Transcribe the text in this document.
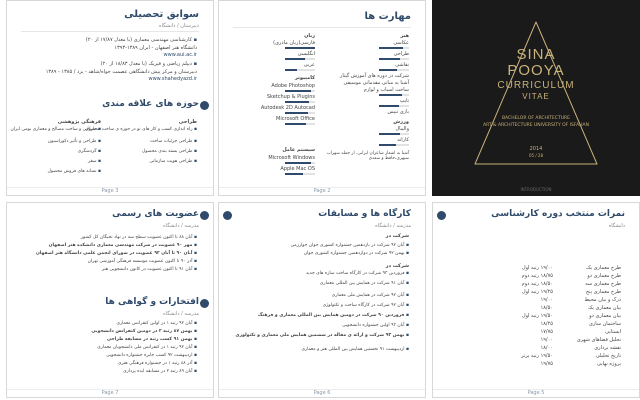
سوابق تحصیلی
دبیرستان / دانشگاه
▪ کارشناسی مهندسی معماری (با معدل ۱۷/۸۷ از ۲۰)
دانشگاه هنر اصفهان - ایران ۱۳۸۹-۱۳۹۳
www.aui.ac.ir
▪ دیپلم ریاضی و فیزیک (با معدل ۱۸/۸۳ از ۲۰)
دبیرستان و مرکز پیش دانشگاهی عصمت خواه/شاهد - یزد / ۱۳۸۵ - ۱۳۸۹
www.shahedyazd.ir
حوزه های علاقه مندی
طراحی
فرهنگی پژوهشی
▪ راه اندازی کسب و کار های نو در حوزه ی ساخت محصول
▪ طراحی جزئیات ساخت
▪ طراحی بسته بندی محصول
▪ طراحی هویت سازمانی
▪ طراحی و ساخت مصالح و معماری بومی ایران
▪ طراحی و تأثیر دکوراسیون
▪ گردشگری
▪ سفر
▪ نشانه های فروش محصول
Page 3
مهارت ها
هنر
عکاسی
طراحی
نقاشی
شرکت در دوره های آموزش گیتار
آشنا به مبانی مقدماتی موسیقی
ساخت اسباب و لوازم
تایپ
بازی تنیس
ورزش
والیبال
کاراته
آشنا به اشعار شاعران ایرانی، از جمله سهراب سپهری،حافظ و سعدی
زبان
فارسی(زبان مادری)
انگلیسی
عربی
کامپیوتر
Adobe Photoshop
Sketchup & Plugins
Autodesk 2D Autocad
Microsoft Office
سیستم عامل
Microsoft Windows
Apple Mac OS
Page 2
SINA
POOYA
CURRICULUM
VITAE
BACHELOR OF ARCHITECTURE
ART & ARCHITECTURE UNIVERSITY OF ISFAHAN
2014
05 / 28
INTRODUCTION
عضویت های رسمی
مدرسه / دانشگاه
▪ آبان ۸۸ تا اکنون عضویت سطح سه در نهاد نخبگان کل کشور
▪ مهر ۹۰ عضویت در شرکت مهندسی معماری دانشکده هنر اصفهان
▪ آبان ۹۰ تا آبان ۹۲ عضویت در شورای انجمن علمی دانشگاه هنر اصفهان
▪ آذر ۹۰ تا اکنون عضویت موسسه فرهنگی آموزشی تهران
▪ آبان ۹۱ تا اکنون عضویت در کانون دانشجویی هنر
افتخارات و گواهی ها
مدرسه / دانشگاه
▪ آبان ۹۲ رتبه ۱ در اولین کنفرانس معماری
▪ بهمن ۸۷ رتبه ۲ در دومین کنفرانس دانشجویی
▪ بهمن ۹۱ کسب رتبه در مسابقه طراحی
▪ آبان ۹۲ رتبه ۱ در کنفرانس ملی دانشجویان معماری
▪ اردیبهشت ۹۲ کسب جایزه جشنواره دانشجویی
▪ آذر ۸۸ رتبه ۱ در جشنواره فرهنگی هنری
▪ آبان ۸۹ رتبه ۲ در مسابقه ایده پردازی
Page 7
کارگاه ها و مسابقات
مدرسه / دانشگاه
شرکت در
▪ آبان ۹۲ شرکت در بازدهمین جشنواره کشوری جوان خوارزمی
▪ بهمن ۹۲ شرکت در دوازدهمین جشنواره کشوری جوان
شرکت در
▪ فروردین ۹۳ شرکت در کارگاه ساخت سازه های جدید
▪ آبان ۹۱ شرکت در همایش بین المللی معماری
▪ آبان ۹۲ شرکت در همایش ملی معماری
▪ آبان ۹۲ شرکت در کارگاه ساخت و تکنولوژی
▪ فروردین ۹۰ شرکت در دومین همایش بین المللی معماری و فرهنگ
▪ آبان ۹۳ اولین جشنواره دانشجویی
▪ بهمن ۹۳ شرکت و ارائه ی مقاله در ششمین همایش ملی معماری و تکنولوژی
▪ اردیبهشت ۹۱ نخستین همایش بین المللی هنر و معماری
Page 6
نمرات منتخب دوره کارشناسی
دانشگاه
طرح معماری یک
۱۹/۰۰ رتبه اول
طرح معماری دو
۱۸/۷۵ رتبه دوم
طرح معماری سه
۱۸/۵۰ رتبه دوم
طرح معماری پنج
۱۹/۲۵ رتبه اول
درک و بیان محیط
۱۹/۰۰
بیان معماری یک
۱۸/۵۰
بیان معماری دو
۱۹/۵۰ رتبه اول
ساختمان سازی
۱۸/۲۵
ایستایی
۱۷/۷۵
تحلیل فضاهای شهری
۱۹/۰۰
نقشه برداری
۱۸/۰۰
تاریخ تحلیلی
۱۹/۵۰ رتبه برتر
پروژه نهایی
۱۹/۷۵
Page 5
